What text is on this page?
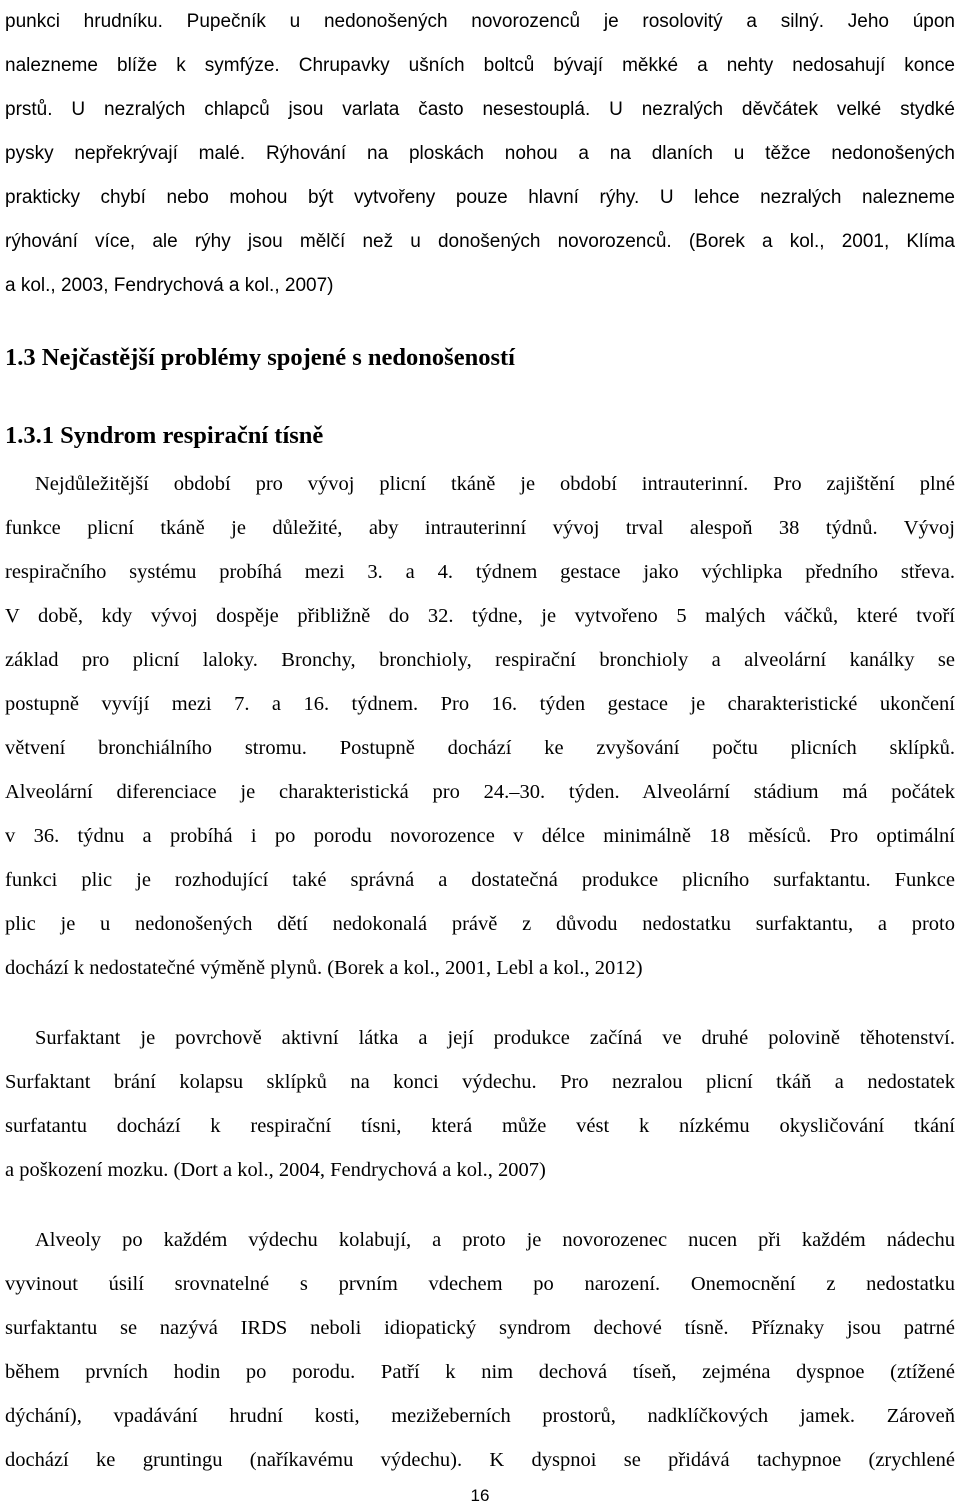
punkci hrudníku. Pupečník u nedonošených novorozenců je rosolovitý a silný. Jeho úpon
nalezneme blíže k symfýze. Chrupavky ušních boltců bývají měkké a nehty nedosahují konce
prstů. U nezralých chlapců jsou varlata často nesestouplá. U nezralých děvčátek velké stydké
pysky nepřekrývají malé. Rýhování na ploskách nohou a na dlaních u těžce nedonošených
prakticky chybí nebo mohou být vytvořeny pouze hlavní rýhy. U lehce nezralých nalezneme
rýhování více, ale rýhy jsou mělčí než u donošených novorozenců. (Borek a kol., 2001, Klíma
a kol., 2003, Fendrychová a kol., 2007)
1.3 Nejčastější problémy spojené s nedonošeností
1.3.1 Syndrom respirační tísně
Nejdůležitější období pro vývoj plicní tkáně je období intrauterinní. Pro zajištění plné
funkce plicní tkáně je důležité, aby intrauterinní vývoj trval alespoň 38 týdnů. Vývoj
respiračního systému probíhá mezi 3. a 4. týdnem gestace jako výchlipka předního střeva.
V době, kdy vývoj dospěje přibližně do 32. týdne, je vytvořeno 5 malých váčků, které tvoří
základ pro plicní laloky. Bronchy, bronchioly, respirační bronchioly a alveolární kanálky se
postupně vyvíjí mezi 7. a 16. týdnem. Pro 16. týden gestace je charakteristické ukončení
větvení bronchiálního stromu. Postupně dochází ke zvyšování počtu plicních sklípků.
Alveolární diferenciace je charakteristická pro 24.–30. týden. Alveolární stádium má počátek
v 36. týdnu a probíhá i po porodu novorozence v délce minimálně 18 měsíců. Pro optimální
funkci plic je rozhodující také správná a dostatečná produkce plicního surfaktantu. Funkce
plic je u nedonošených dětí nedokonalá právě z důvodu nedostatku surfaktantu, a proto
dochází k nedostatečné výměně plynů. (Borek a kol., 2001, Lebl a kol., 2012)
Surfaktant je povrchově aktivní látka a její produkce začíná ve druhé polovině těhotenství.
Surfaktant brání kolapsu sklípků na konci výdechu. Pro nezralou plicní tkáň a nedostatek
surfatantu dochází k respirační tísni, která může vést k nízkému okysličování tkání
a poškození mozku. (Dort a kol., 2004, Fendrychová a kol., 2007)
Alveoly po každém výdechu kolabují, a proto je novorozenec nucen při každém nádechu
vyvinout úsilí srovnatelné s prvním vdechem po narození. Onemocnění z nedostatku
surfaktantu se nazývá IRDS neboli idiopatický syndrom dechové tísně. Příznaky jsou patrné
během prvních hodin po porodu. Patří k nim dechová tíseň, zejména dyspnoe (ztížené
dýchání), vpadávání hrudní kosti, mezižeberních prostorů, nadklíčkových jamek. Zároveň
dochází ke gruntingu (naříkavému výdechu). K dyspnoi se přidává tachypnoe (zrychlené
16
